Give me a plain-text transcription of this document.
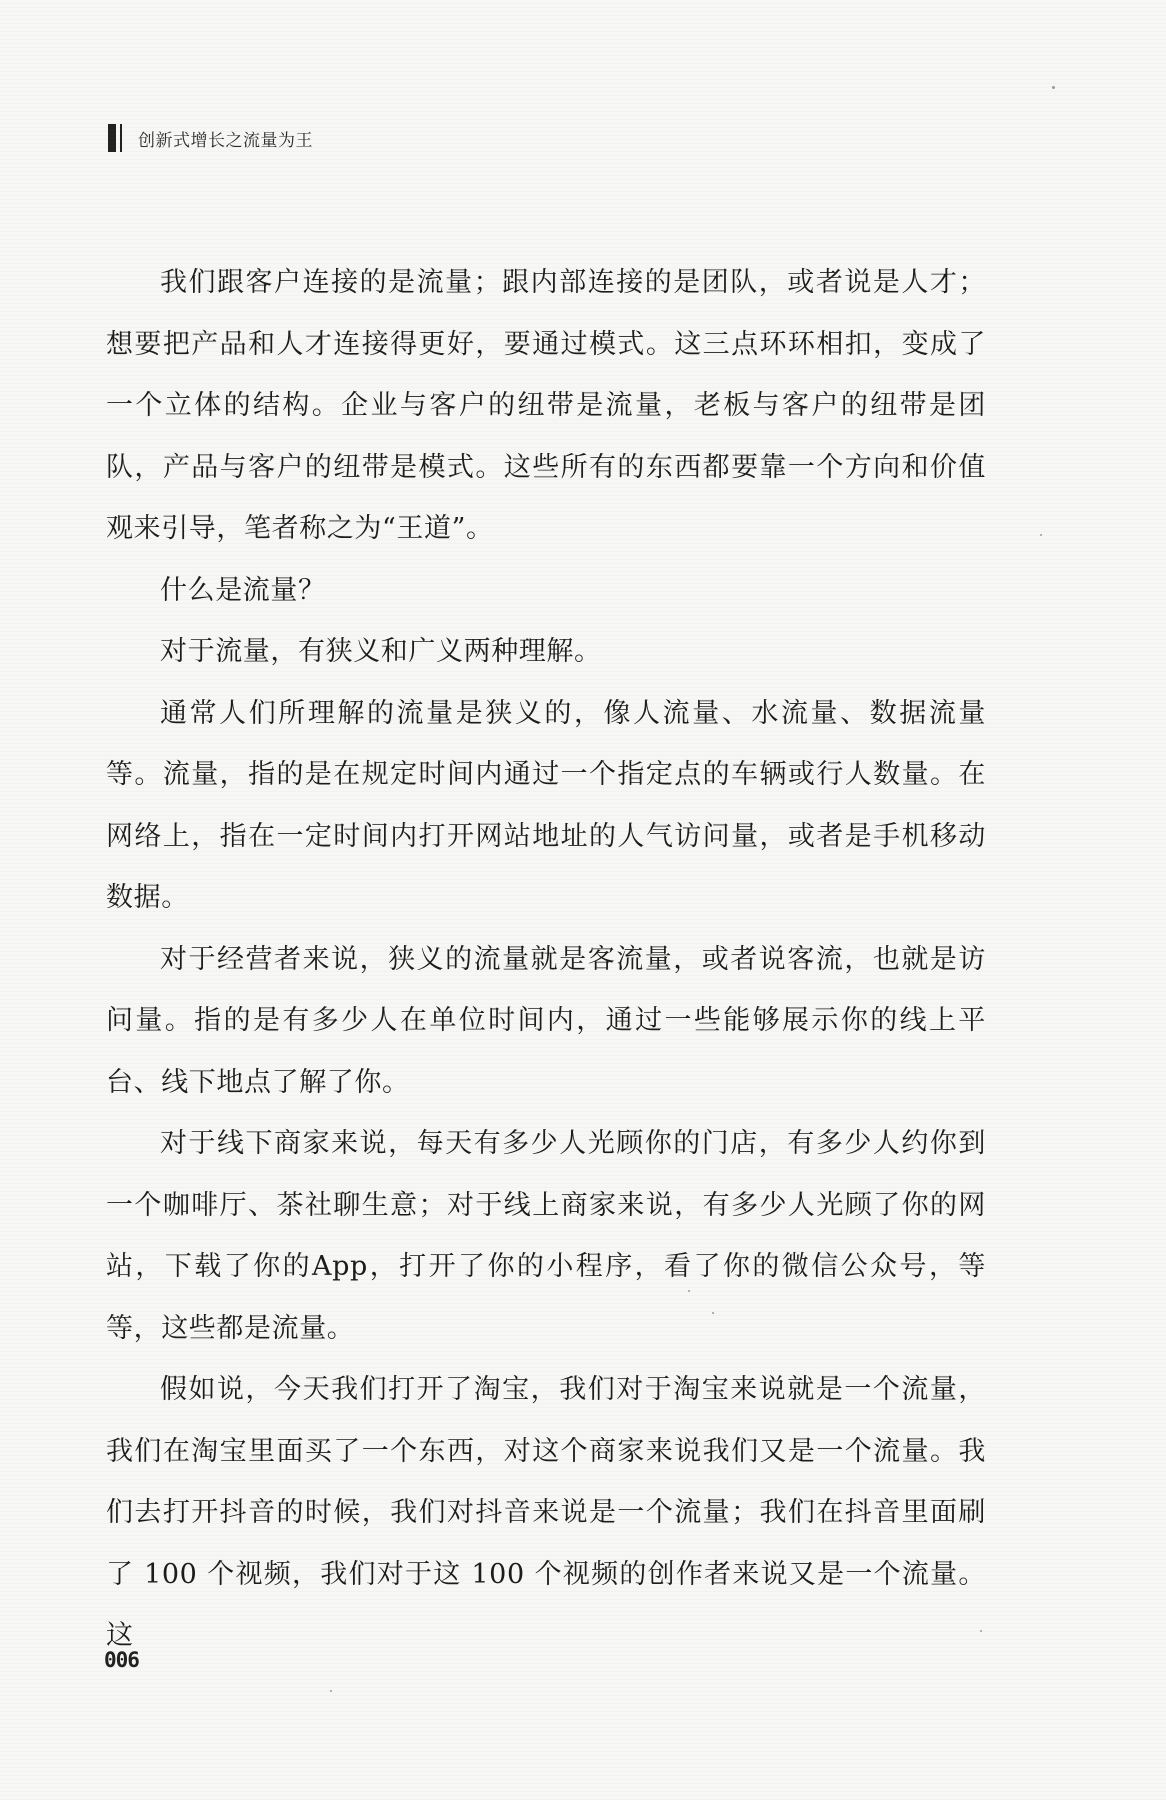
创新式增长之流量为王

我们跟客户连接的是流量；跟内部连接的是团队，或者说是人才；想要把产品和人才连接得更好，要通过模式。这三点环环相扣，变成了一个立体的结构。企业与客户的纽带是流量，老板与客户的纽带是团队，产品与客户的纽带是模式。这些所有的东西都要靠一个方向和价值观来引导，笔者称之为“王道”。

什么是流量？

对于流量，有狭义和广义两种理解。

通常人们所理解的流量是狭义的，像人流量、水流量、数据流量等。流量，指的是在规定时间内通过一个指定点的车辆或行人数量。在网络上，指在一定时间内打开网站地址的人气访问量，或者是手机移动数据。

对于经营者来说，狭义的流量就是客流量，或者说客流，也就是访问量。指的是有多少人在单位时间内，通过一些能够展示你的线上平台、线下地点了解了你。

对于线下商家来说，每天有多少人光顾你的门店，有多少人约你到一个咖啡厅、茶社聊生意；对于线上商家来说，有多少人光顾了你的网站，下载了你的App，打开了你的小程序，看了你的微信公众号，等等，这些都是流量。

假如说，今天我们打开了淘宝，我们对于淘宝来说就是一个流量，我们在淘宝里面买了一个东西，对这个商家来说我们又是一个流量。我们去打开抖音的时候，我们对抖音来说是一个流量；我们在抖音里面刷了 100 个视频，我们对于这 100 个视频的创作者来说又是一个流量。这

006
